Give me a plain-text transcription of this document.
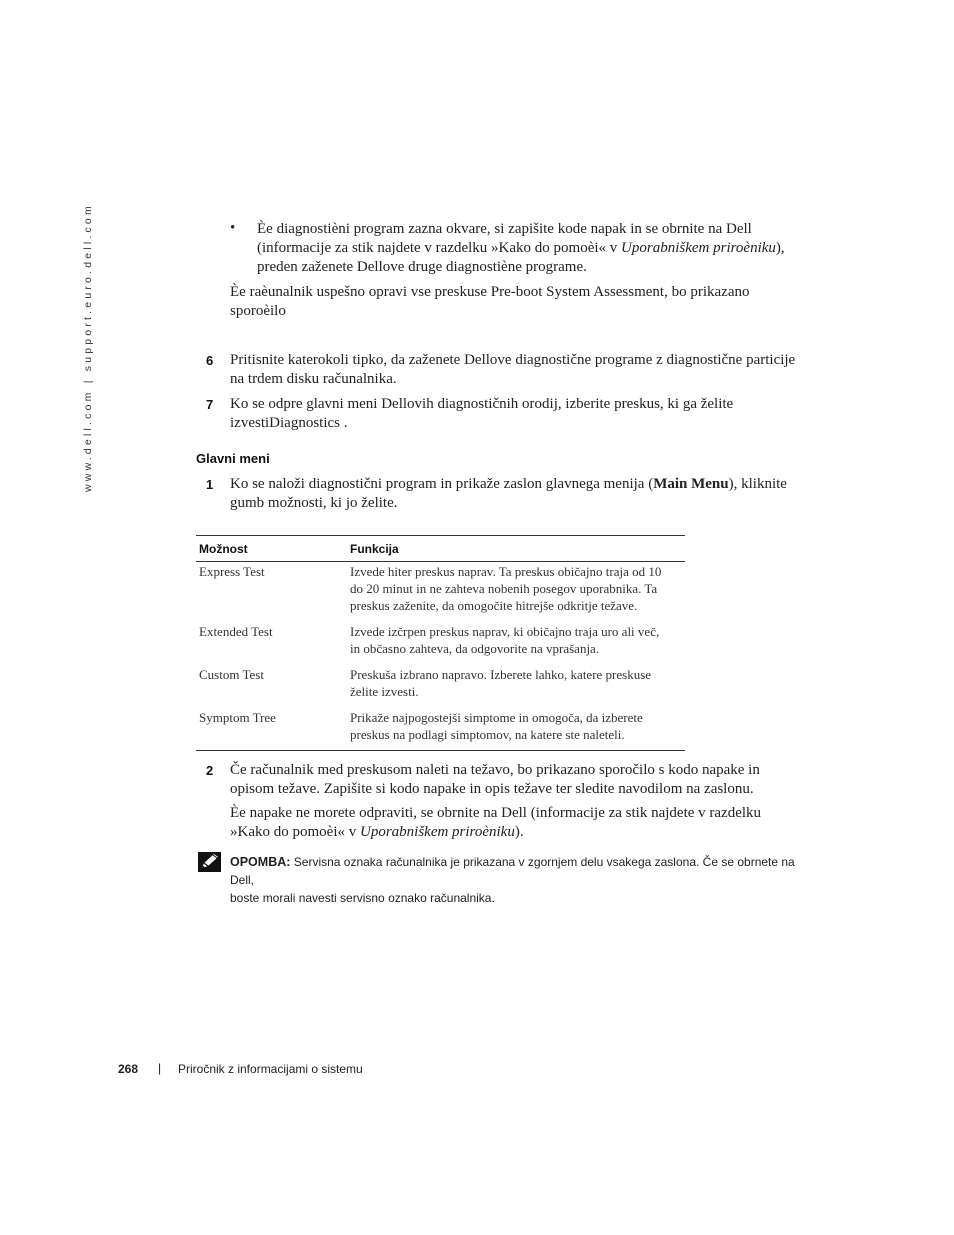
www.dell.com | support.euro.dell.com	• Èe diagnostièni program zazna okvare, si zapišite kode napak in se obrnite na Dell
(informacije za stik najdete v razdelku »Kako do pomoèi« v Uporabniškem priroèniku),
preden zaženete Dellove druge diagnostiène programe.
Èe raèunalnik uspešno opravi vse preskuse Pre-boot System Assessment, bo prikazano
sporoèilo
6 Pritisnite katerokoli tipko, da zaženete Dellove diagnostične programe z diagnostične particije
na trdem disku računalnika.
7 Ko se odpre glavni meni Dellovih diagnostičnih orodij, izberite preskus, ki ga želite
izvestiDiagnostics .
Glavni meni
1 Ko se naloži diagnostični program in prikaže zaslon glavnega menija (Main Menu), kliknite
gumb možnosti, ki jo želite.
Možnost	Funkcija
Express Test	Izvede hiter preskus naprav. Ta preskus običajno traja od 10
do 20 minut in ne zahteva nobenih posegov uporabnika. Ta
preskus zaženite, da omogočite hitrejše odkritje težave.
Extended Test	Izvede izčrpen preskus naprav, ki običajno traja uro ali več,
in občasno zahteva, da odgovorite na vprašanja.
Custom Test	Preskuša izbrano napravo. Izberete lahko, katere preskuse
želite izvesti.
Symptom Tree	Prikaže najpogostejši simptome in omogoča, da izberete
preskus na podlagi simptomov, na katere ste naleteli.
2 Če računalnik med preskusom naleti na težavo, bo prikazano sporočilo s kodo napake in
opisom težave. Zapišite si kodo napake in opis težave ter sledite navodilom na zaslonu.
Èe napake ne morete odpraviti, se obrnite na Dell (informacije za stik najdete v razdelku
»Kako do pomoèi« v Uporabniškem priroèniku).
OPOMBA: Servisna oznaka računalnika je prikazana v zgornjem delu vsakega zaslona. Če se obrnete na Dell,
boste morali navesti servisno oznako računalnika.
268 | Priročnik z informacijami o sistemu
